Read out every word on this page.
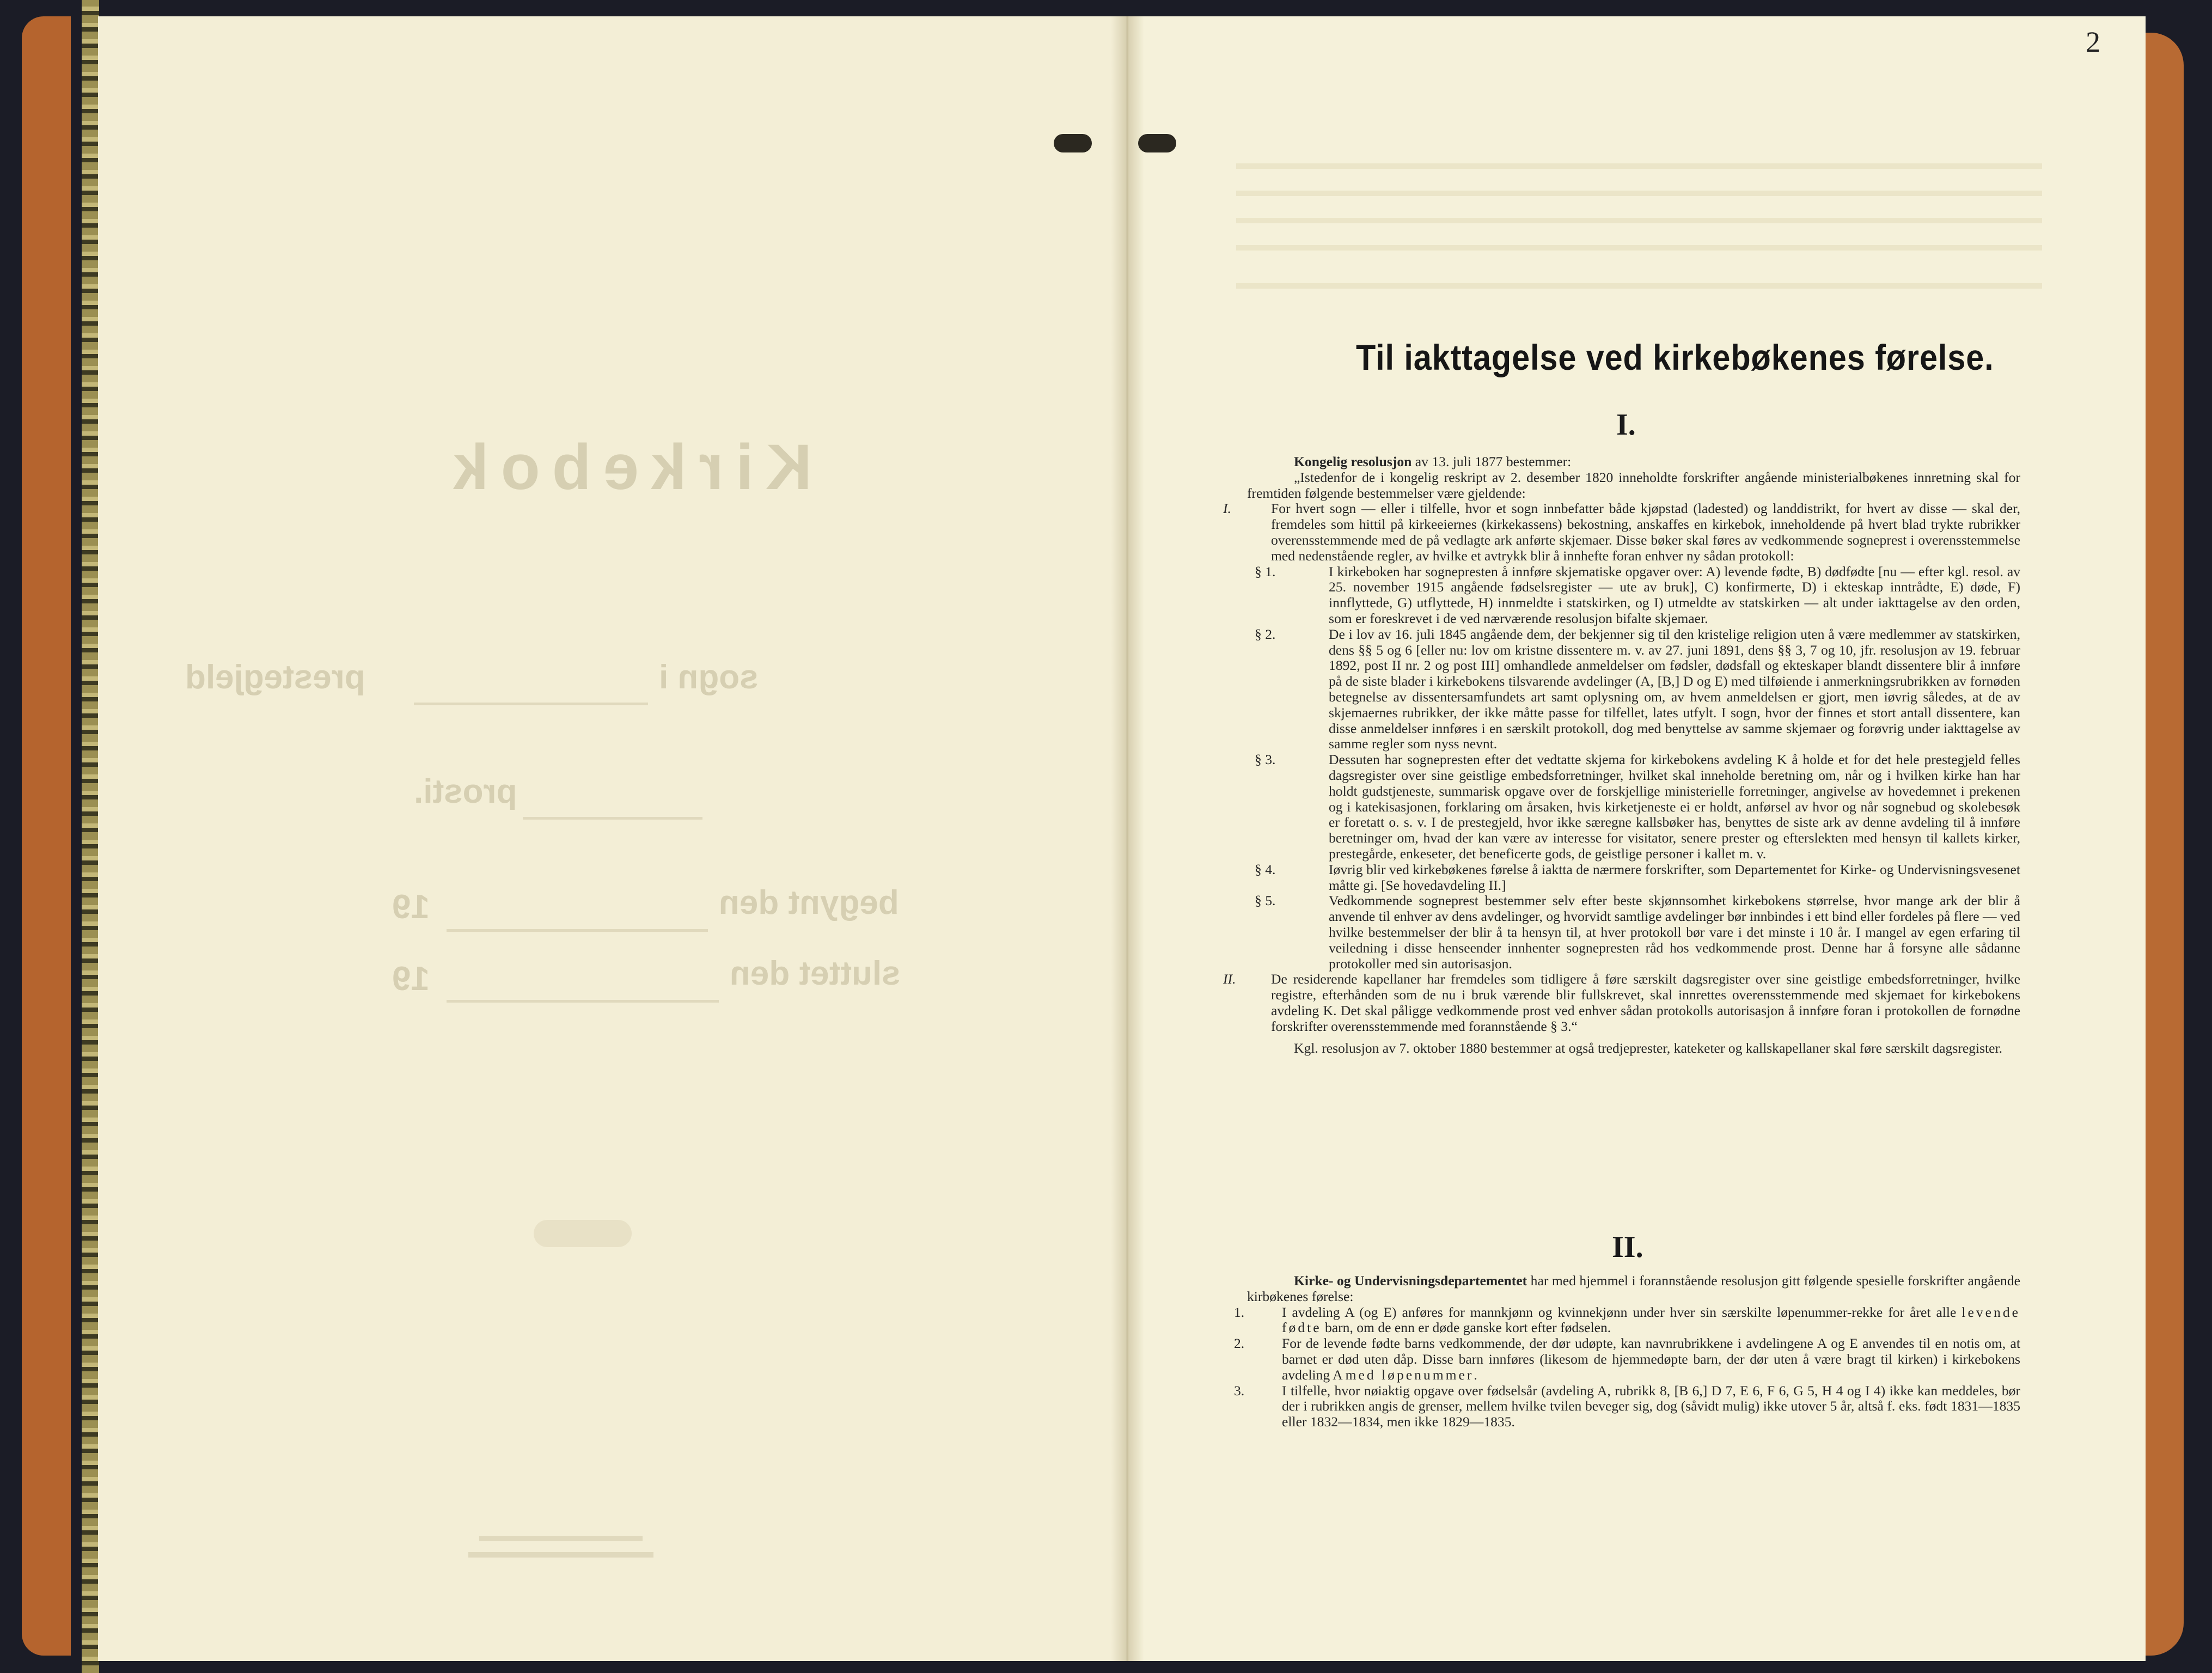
Kirkebok
sogn i
prestegjeld
prosti.
begynt den
sluttet den
19
19
2
Til iakttagelse ved kirkebøkenes førelse.
I.

Kongelig resolusjon av 13. juli 1877 bestemmer:

„Istedenfor de i kongelig reskript av 2. desember 1820 inneholdte forskrifter angående ministerialbøkenes innretning skal for fremtiden følgende bestemmelser være gjeldende:

I.	For hvert sogn — eller i tilfelle, hvor et sogn innbefatter både kjøpstad (ladested) og landdistrikt, for hvert av disse — skal der, fremdeles som hittil på kirkeeiernes (kirkekassens) bekostning, anskaffes en kirkebok, inneholdende på hvert blad trykte rubrikker overensstemmende med de på vedlagte ark anførte skjemaer. Disse bøker skal føres av vedkommende sogneprest i overensstemmelse med nedenstående regler, av hvilke et avtrykk blir å innhefte foran enhver ny sådan protokoll:

§ 1.	I kirkeboken har sognepresten å innføre skjematiske opgaver over: A) levende fødte, B) dødfødte [nu — efter kgl. resol. av 25. november 1915 angående fødselsregister — ute av bruk], C) konfirmerte, D) i ekteskap inntrådte, E) døde, F) innflyttede, G) utflyttede, H) innmeldte i statskirken, og I) utmeldte av statskirken — alt under iakttagelse av den orden, som er foreskrevet i de ved nærværende resolusjon bifalte skjemaer.

§ 2.	De i lov av 16. juli 1845 angående dem, der bekjenner sig til den kristelige religion uten å være medlemmer av statskirken, dens §§ 5 og 6 [eller nu: lov om kristne dissentere m. v. av 27. juni 1891, dens §§ 3, 7 og 10, jfr. resolusjon av 19. februar 1892, post II nr. 2 og post III] omhandlede anmeldelser om fødsler, dødsfall og ekteskaper blandt dissentere blir å innføre på de siste blader i kirkebokens tilsvarende avdelinger (A, [B,] D og E) med tilføiende i anmerkningsrubrikken av fornøden betegnelse av dissentersamfundets art samt oplysning om, av hvem anmeldelsen er gjort, men iøvrig således, at de av skjemaernes rubrikker, der ikke måtte passe for tilfellet, lates utfylt. I sogn, hvor der finnes et stort antall dissentere, kan disse anmeldelser innføres i en særskilt protokoll, dog med benyttelse av samme skjemaer og forøvrig under iakttagelse av samme regler som nyss nevnt.

§ 3.	Dessuten har sognepresten efter det vedtatte skjema for kirkebokens avdeling K å holde et for det hele prestegjeld felles dagsregister over sine geistlige embedsforretninger, hvilket skal inneholde beretning om, når og i hvilken kirke han har holdt gudstjeneste, summarisk opgave over de forskjellige ministerielle forretninger, angivelse av hovedemnet i prekenen og i katekisasjonen, forklaring om årsaken, hvis kirketjeneste ei er holdt, anførsel av hvor og når sognebud og skolebesøk er foretatt o. s. v. I de prestegjeld, hvor ikke særegne kallsbøker has, benyttes de siste ark av denne avdeling til å innføre beretninger om, hvad der kan være av interesse for visitator, senere prester og efterslekten med hensyn til kallets kirker, prestegårde, enkeseter, det beneficerte gods, de geistlige personer i kallet m. v.

§ 4.	Iøvrig blir ved kirkebøkenes førelse å iaktta de nærmere forskrifter, som Departementet for Kirke- og Undervisningsvesenet måtte gi. [Se hovedavdeling II.]

§ 5.	Vedkommende sogneprest bestemmer selv efter beste skjønnsomhet kirkebokens størrelse, hvor mange ark der blir å anvende til enhver av dens avdelinger, og hvorvidt samtlige avdelinger bør innbindes i ett bind eller fordeles på flere — ved hvilke bestemmelser der blir å ta hensyn til, at hver protokoll bør vare i det minste i 10 år. I mangel av egen erfaring til veiledning i disse henseender innhenter sognepresten råd hos vedkommende prost. Denne har å forsyne alle sådanne protokoller med sin autorisasjon.

II.	De residerende kapellaner har fremdeles som tidligere å føre særskilt dagsregister over sine geistlige embedsforretninger, hvilke registre, efterhånden som de nu i bruk værende blir fullskrevet, skal innrettes overensstemmende med skjemaet for kirkebokens avdeling K. Det skal påligge vedkommende prost ved enhver sådan protokolls autorisasjon å innføre foran i protokollen de fornødne forskrifter overensstemmende med forannstående § 3.“

Kgl. resolusjon av 7. oktober 1880 bestemmer at også tredjeprester, kateketer og kallskapellaner skal føre særskilt dagsregister.

II.

Kirke- og Undervisningsdepartementet har med hjemmel i forannstående resolusjon gitt følgende spesielle forskrifter angående kirbøkenes førelse:

1.	I avdeling A (og E) anføres for mannkjønn og kvinnekjønn under hver sin særskilte løpenummer-rekke for året alle levende fødte barn, om de enn er døde ganske kort efter fødselen.

2.	For de levende fødte barns vedkommende, der dør udøpte, kan navnrubrikkene i avdelingene A og E anvendes til en notis om, at barnet er død uten dåp. Disse barn innføres (likesom de hjemmedøpte barn, der dør uten å være bragt til kirken) i kirkebokens avdeling A med løpenummer.

3.	I tilfelle, hvor nøiaktig opgave over fødselsår (avdeling A, rubrikk 8, [B 6,] D 7, E 6, F 6, G 5, H 4 og I 4) ikke kan meddeles, bør der i rubrikken angis de grenser, mellem hvilke tvilen beveger sig, dog (såvidt mulig) ikke utover 5 år, altså f. eks. født 1831—1835 eller 1832—1834, men ikke 1829—1835.
